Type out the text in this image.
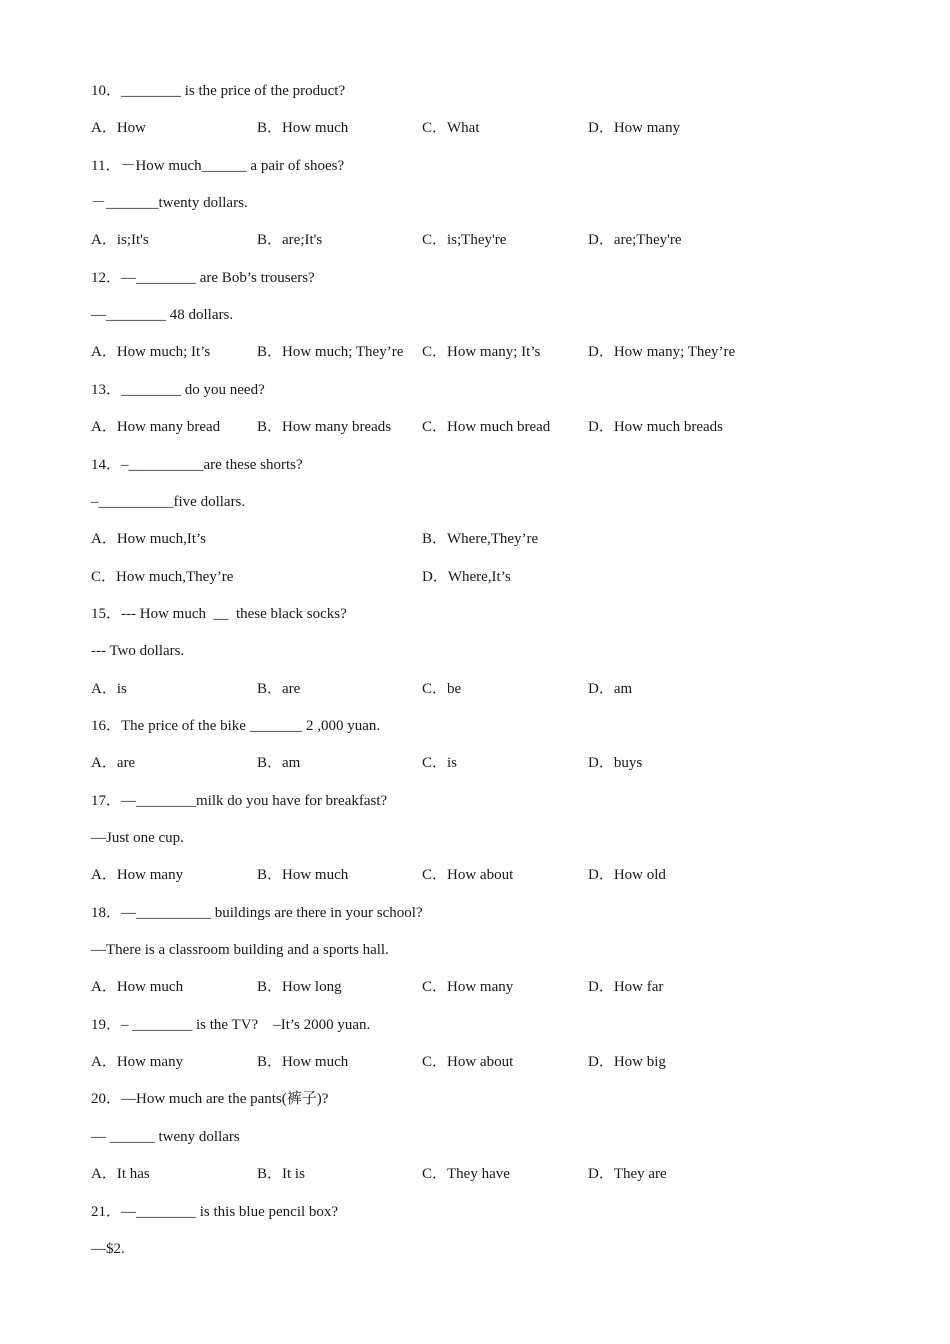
10．________ is the price of the product?
A．How	B．How much	C．What	D．How many
11．－How much______ a pair of shoes?
－_______twenty dollars.
A．is;It's	B．are;It's	C．is;They're	D．are;They're
12．—________ are Bob’s trousers?
—________ 48 dollars.
A．How much; It’s	B．How much; They’re C．How many; It’s	D．How many; They’re
13．________ do you need?
A．How many bread B．How many breads C．How much bread	D．How much breads
14．–__________are these shorts?
–__________five dollars.
A．How much,It’s	B．Where,They’re
C．How much,They’re	D．Where,It’s
15．--- How much  __  these black socks?
--- Two dollars.
A．is	B．are	C．be	D．am
16．The price of the bike _______ 2 ,000 yuan.
A．are	B．am	C．is	D．buys
17．—________milk do you have for breakfast?
—Just one cup.
A．How many	B．How much	C．How about	D．How old
18．—__________ buildings are there in your school?
—There is a classroom building and a sports hall.
A．How much	B．How long	C．How many	D．How far
19．– ________ is the TV?    –It’s 2000 yuan.
A．How many	B．How much	C．How about	D．How big
20．—How much are the pants(裤子)?
— ______ tweny dollars
A．It has	B．It is	C．They have	D．They are
21．—________ is this blue pencil box?
—$2.
